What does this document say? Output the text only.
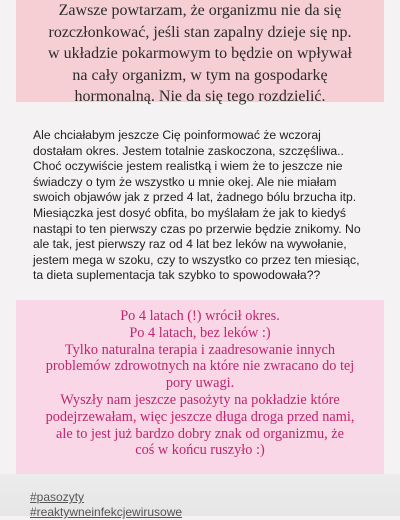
Zawsze powtarzam, że organizmu nie da się

rozczłonkować, jeśli stan zapalny dzieje się np.

w układzie pokarmowym to będzie on wpływał

na cały organizm, w tym na gospodarkę

hormonalną. Nie da się tego rozdzielić.

Ale chciałabym jeszcze Cię poinformować że wczoraj
dostałam okres. Jestem totalnie zaskoczona, szczęśliwa..
Choć oczywiście jestem realistką i wiem że to jeszcze nie
świadczy o tym że wszystko u mnie okej. Ale nie miałam
swoich objawów jak z przed 4 lat, żadnego bólu brzucha itp.
Miesiączka jest dosyć obfita, bo myślałam że jak to kiedyś
nastąpi to ten pierwszy czas po przerwie będzie znikomy. No
ale tak, jest pierwszy raz od 4 lat bez leków na wywołanie,
jestem mega w szoku, czy to wszystko co przez ten miesiąc,
ta dieta suplementacja tak szybko to spowodowała??
Po 4 latach (!) wrócił okres.
Po 4 latach, bez leków :)
Tylko naturalna terapia i zaadresowanie innych
problemów zdrowotnych na które nie zwracano do tej
pory uwagi.
Wyszły nam jeszcze pasożyty na pokładzie które
podejrzewałam, więc jeszcze długa droga przed nami,
ale to jest już bardzo dobry znak od organizmu, że
coś w końcu ruszyło :)
#pasozyty
#reaktywneinfekcjewirusowe
